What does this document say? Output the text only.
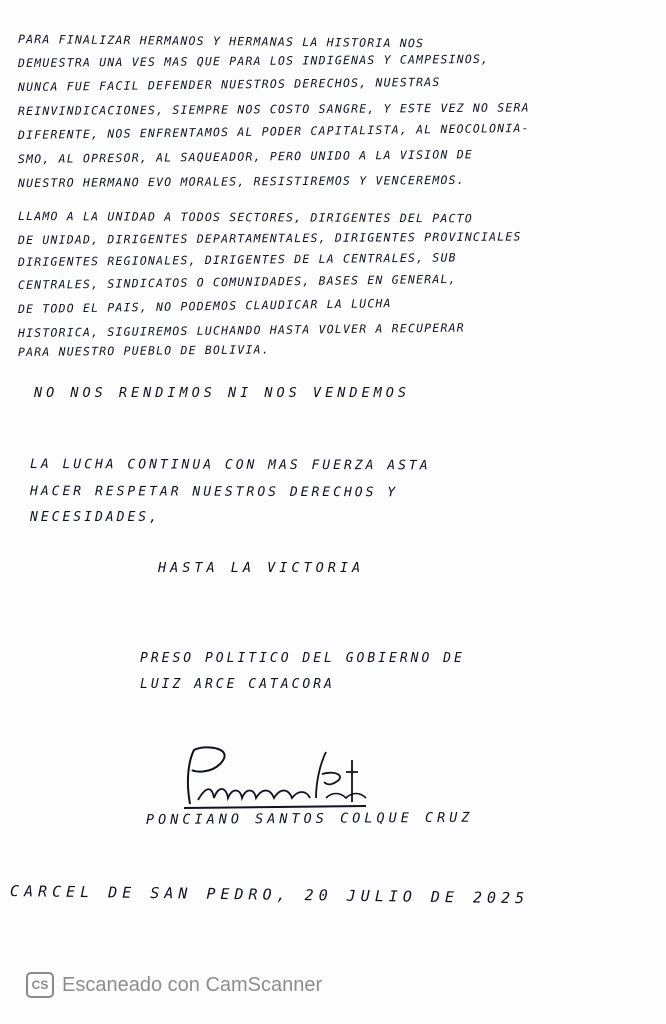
PARA FINALIZAR HERMANOS Y HERMANAS LA HISTORIA NOS
DEMUESTRA UNA VES MAS QUE PARA LOS INDIGENAS Y CAMPESINOS,
NUNCA FUE FACIL DEFENDER NUESTROS DERECHOS, NUESTRAS
REINVINDICACIONES, SIEMPRE NOS COSTO SANGRE, Y ESTE VEZ NO SERA
DIFERENTE, NOS ENFRENTAMOS AL PODER CAPITALISTA, AL NEOCOLONIA-
SMO, AL OPRESOR, AL SAQUEADOR, PERO UNIDO A LA VISION DE
NUESTRO HERMANO EVO MORALES, RESISTIREMOS Y VENCEREMOS.
LLAMO A LA UNIDAD A TODOS SECTORES, DIRIGENTES DEL PACTO
DE UNIDAD, DIRIGENTES DEPARTAMENTALES, DIRIGENTES PROVINCIALES
DIRIGENTES REGIONALES, DIRIGENTES DE LA CENTRALES, SUB
CENTRALES, SINDICATOS O COMUNIDADES, BASES EN GENERAL,
DE TODO EL PAIS, NO PODEMOS CLAUDICAR LA LUCHA
HISTORICA, SIGUIREMOS LUCHANDO HASTA VOLVER A RECUPERAR
PARA NUESTRO PUEBLO DE BOLIVIA.
NO NOS RENDIMOS NI NOS VENDEMOS
LA LUCHA CONTINUA CON MAS FUERZA ASTA
HACER RESPETAR NUESTROS DERECHOS Y
NECESIDADES,
HASTA LA VICTORIA
PRESO POLITICO DEL GOBIERNO DE
LUIZ ARCE CATACORA
PONCIANO SANTOS COLQUE CRUZ
CARCEL DE SAN PEDRO, 20 JULIO DE 2025
CS Escaneado con CamScanner
